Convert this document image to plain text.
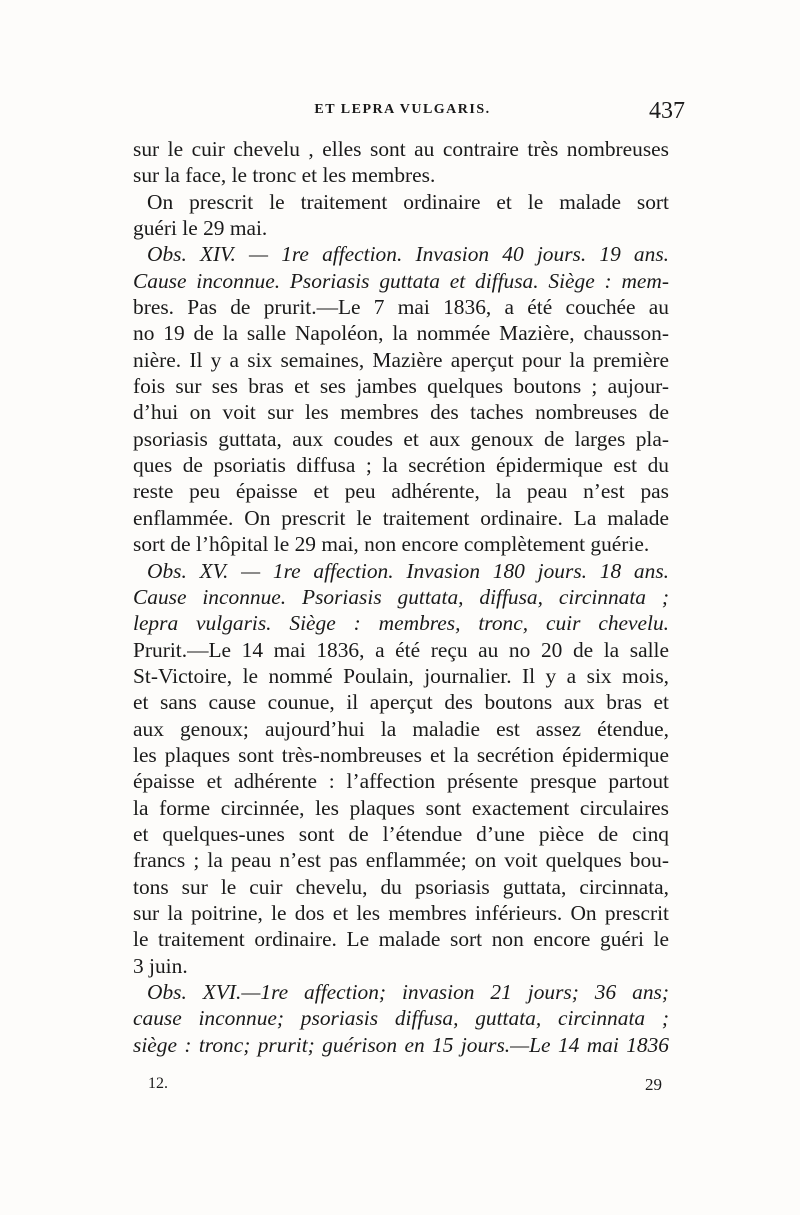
ET LEPRA VULGARIS.	437
sur le cuir chevelu , elles sont au contraire très nombreuses
sur la face, le tronc et les membres.
On prescrit le traitement ordinaire et le malade sort
guéri le 29 mai.
Obs. XIV. — 1re affection. Invasion 40 jours. 19 ans.
Cause inconnue. Psoriasis guttata et diffusa. Siège : mem-
bres. Pas de prurit.—Le 7 mai 1836, a été couchée au
no 19 de la salle Napoléon, la nommée Mazière, chausson-
nière. Il y a six semaines, Mazière aperçut pour la première
fois sur ses bras et ses jambes quelques boutons ; aujour-
d’hui on voit sur les membres des taches nombreuses de
psoriasis guttata, aux coudes et aux genoux de larges pla-
ques de psoriatis diffusa ; la secrétion épidermique est du
reste peu épaisse et peu adhérente, la peau n’est pas
enflammée. On prescrit le traitement ordinaire. La malade
sort de l’hôpital le 29 mai, non encore complètement guérie.
Obs. XV. — 1re affection. Invasion 180 jours. 18 ans.
Cause inconnue. Psoriasis guttata, diffusa, circinnata ;
lepra vulgaris. Siège : membres, tronc, cuir chevelu.
Prurit.—Le 14 mai 1836, a été reçu au no 20 de la salle
St-Victoire, le nommé Poulain, journalier. Il y a six mois,
et sans cause counue, il aperçut des boutons aux bras et
aux genoux; aujourd’hui la maladie est assez étendue,
les plaques sont très-nombreuses et la secrétion épidermique
épaisse et adhérente : l’affection présente presque partout
la forme circinnée, les plaques sont exactement circulaires
et quelques-unes sont de l’étendue d’une pièce de cinq
francs ; la peau n’est pas enflammée; on voit quelques bou-
tons sur le cuir chevelu, du psoriasis guttata, circinnata,
sur la poitrine, le dos et les membres inférieurs. On prescrit
le traitement ordinaire. Le malade sort non encore guéri le
3 juin.
Obs. XVI.—1re affection; invasion 21 jours; 36 ans;
cause inconnue; psoriasis diffusa, guttata, circinnata ;
siège : tronc; prurit; guérison en 15 jours.—Le 14 mai 1836
12.	29
